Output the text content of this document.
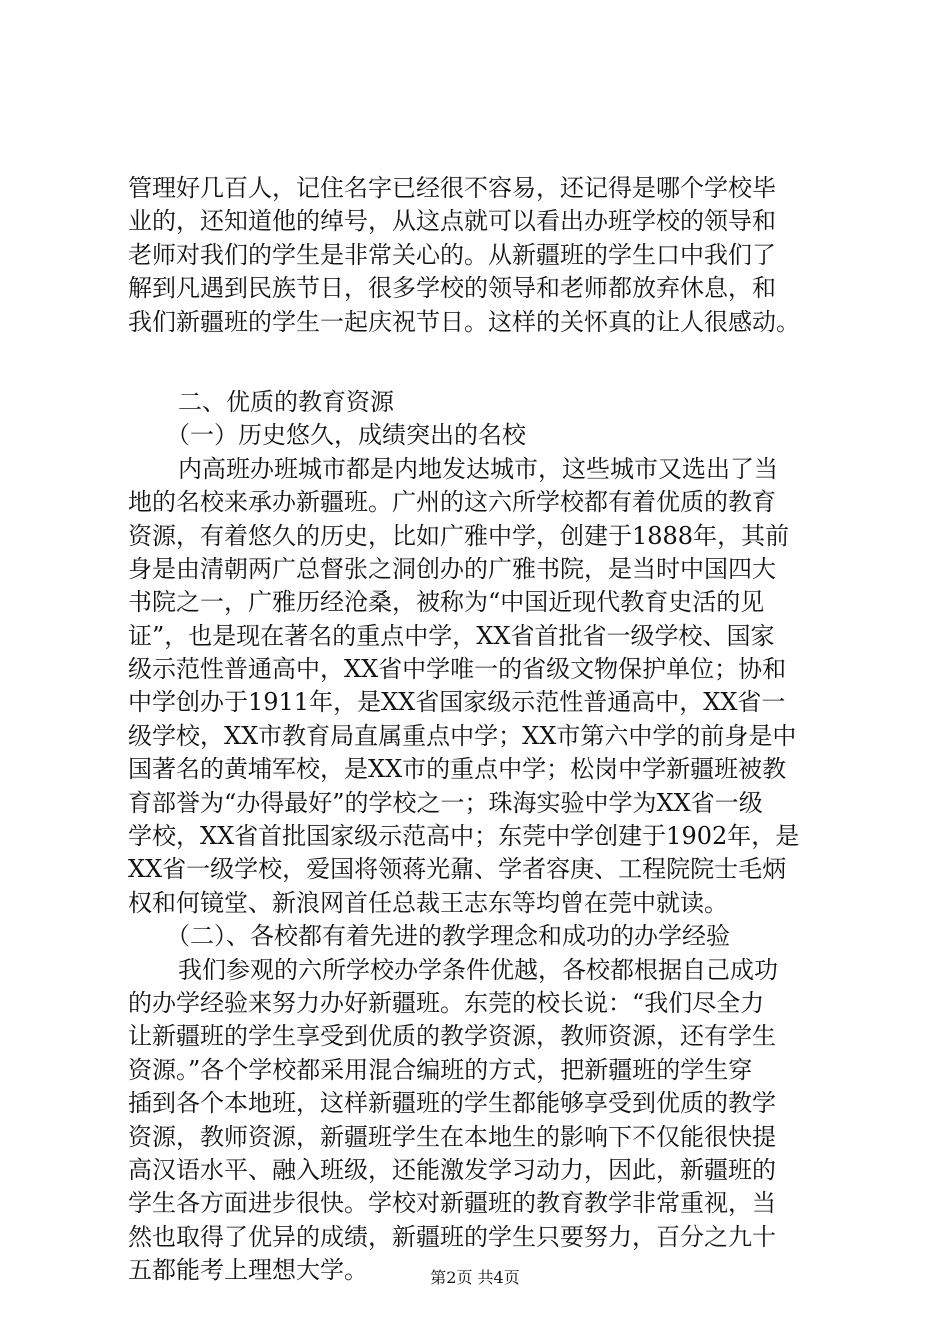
管理好几百人，记住名字已经很不容易，还记得是哪个学校毕
业的，还知道他的绰号，从这点就可以看出办班学校的领导和
老师对我们的学生是非常关心的。从新疆班的学生口中我们了
解到凡遇到民族节日，很多学校的领导和老师都放弃休息，和
我们新疆班的学生一起庆祝节日。这样的关怀真的让人很感动。
二、优质的教育资源
（一）历史悠久，成绩突出的名校
内高班办班城市都是内地发达城市，这些城市又选出了当
地的名校来承办新疆班。广州的这六所学校都有着优质的教育
资源，有着悠久的历史，比如广雅中学，创建于1888年，其前
身是由清朝两广总督张之洞创办的广雅书院，是当时中国四大
书院之一，广雅历经沧桑，被称为“中国近现代教育史活的见
证”，也是现在著名的重点中学，XX省首批省一级学校、国家
级示范性普通高中，XX省中学唯一的省级文物保护单位；协和
中学创办于1911年，是XX省国家级示范性普通高中，XX省一
级学校，XX市教育局直属重点中学；XX市第六中学的前身是中
国著名的黄埔军校，是XX市的重点中学；松岗中学新疆班被教
育部誉为“办得最好”的学校之一；珠海实验中学为XX省一级
学校，XX省首批国家级示范高中；东莞中学创建于1902年，是
XX省一级学校，爱国将领蒋光鼐、学者容庚、工程院院士毛炳
权和何镜堂、新浪网首任总裁王志东等均曾在莞中就读。
（二）、各校都有着先进的教学理念和成功的办学经验
我们参观的六所学校办学条件优越，各校都根据自己成功
的办学经验来努力办好新疆班。东莞的校长说：“我们尽全力
让新疆班的学生享受到优质的教学资源，教师资源，还有学生
资源。”各个学校都采用混合编班的方式，把新疆班的学生穿
插到各个本地班，这样新疆班的学生都能够享受到优质的教学
资源，教师资源，新疆班学生在本地生的影响下不仅能很快提
高汉语水平、融入班级，还能激发学习动力，因此，新疆班的
学生各方面进步很快。学校对新疆班的教育教学非常重视，当
然也取得了优异的成绩，新疆班的学生只要努力，百分之九十
五都能考上理想大学。	第2页 共4页
